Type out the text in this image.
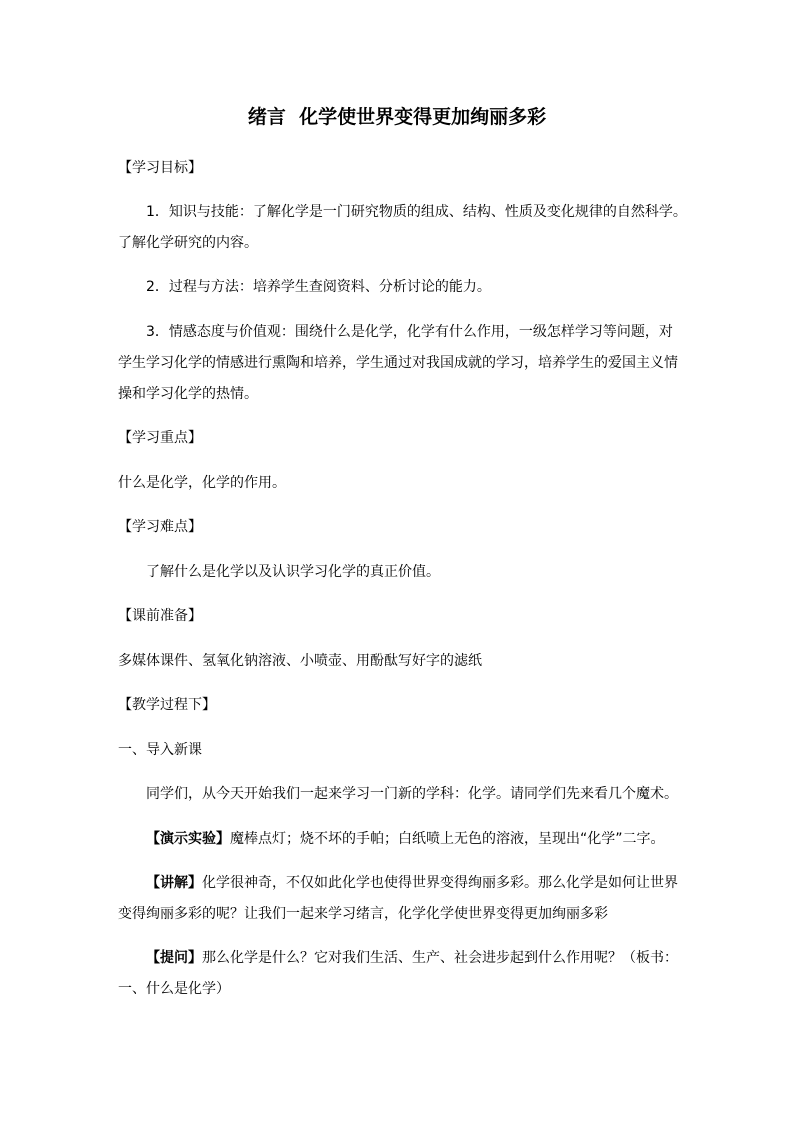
绪言  化学使世界变得更加绚丽多彩
【学习目标】
1．知识与技能：了解化学是一门研究物质的组成、结构、性质及变化规律的自然科学。
了解化学研究的内容。
2．过程与方法：培养学生查阅资料、分析讨论的能力。
3．情感态度与价值观：围绕什么是化学，化学有什么作用，一级怎样学习等问题，对
学生学习化学的情感进行熏陶和培养，学生通过对我国成就的学习，培养学生的爱国主义情
操和学习化学的热情。
【学习重点】
什么是化学，化学的作用。
【学习难点】
了解什么是化学以及认识学习化学的真正价值。
【课前准备】
多媒体课件、氢氧化钠溶液、小喷壶、用酚酞写好字的滤纸
【教学过程下】
一、导入新课
同学们，从今天开始我们一起来学习一门新的学科：化学。请同学们先来看几个魔术。
【演示实验】魔棒点灯；烧不坏的手帕；白纸喷上无色的溶液，呈现出“化学”二字。
【讲解】化学很神奇，不仅如此化学也使得世界变得绚丽多彩。那么化学是如何让世界
变得绚丽多彩的呢？让我们一起来学习绪言，化学化学使世界变得更加绚丽多彩
【提问】那么化学是什么？它对我们生活、生产、社会进步起到什么作用呢？（板书：
一、什么是化学）
